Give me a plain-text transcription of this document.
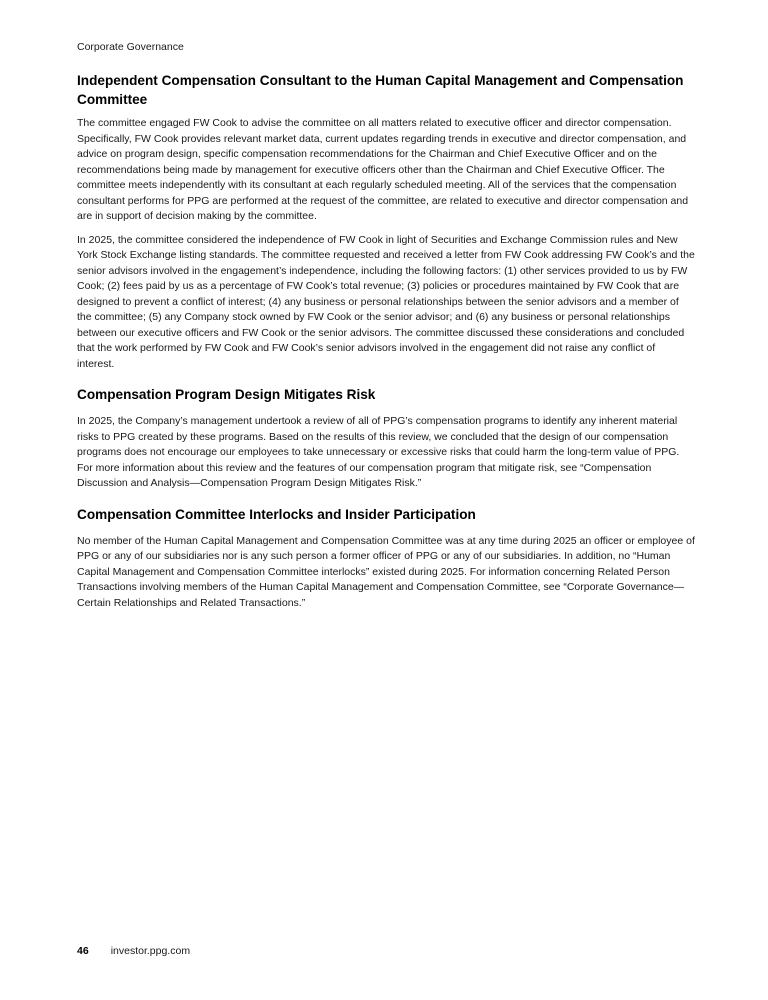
Corporate Governance
Independent Compensation Consultant to the Human Capital Management and Compensation Committee

The committee engaged FW Cook to advise the committee on all matters related to executive officer and director compensation. Specifically, FW Cook provides relevant market data, current updates regarding trends in executive and director compensation, and advice on program design, specific compensation recommendations for the Chairman and Chief Executive Officer and on the recommendations being made by management for executive officers other than the Chairman and Chief Executive Officer. The committee meets independently with its consultant at each regularly scheduled meeting. All of the services that the compensation consultant performs for PPG are performed at the request of the committee, are related to executive and director compensation and are in support of decision making by the committee.

In 2025, the committee considered the independence of FW Cook in light of Securities and Exchange Commission rules and New York Stock Exchange listing standards. The committee requested and received a letter from FW Cook addressing FW Cook’s and the senior advisors involved in the engagement’s independence, including the following factors: (1) other services provided to us by FW Cook; (2) fees paid by us as a percentage of FW Cook’s total revenue; (3) policies or procedures maintained by FW Cook that are designed to prevent a conflict of interest; (4) any business or personal relationships between the senior advisors and a member of the committee; (5) any Company stock owned by FW Cook or the senior advisor; and (6) any business or personal relationships between our executive officers and FW Cook or the senior advisors. The committee discussed these considerations and concluded that the work performed by FW Cook and FW Cook’s senior advisors involved in the engagement did not raise any conflict of interest.

Compensation Program Design Mitigates Risk

In 2025, the Company’s management undertook a review of all of PPG’s compensation programs to identify any inherent material risks to PPG created by these programs. Based on the results of this review, we concluded that the design of our compensation programs does not encourage our employees to take unnecessary or excessive risks that could harm the long-term value of PPG. For more information about this review and the features of our compensation program that mitigate risk, see “Compensation Discussion and Analysis—Compensation Program Design Mitigates Risk.”

Compensation Committee Interlocks and Insider Participation

No member of the Human Capital Management and Compensation Committee was at any time during 2025 an officer or employee of PPG or any of our subsidiaries nor is any such person a former officer of PPG or any of our subsidiaries. In addition, no “Human Capital Management and Compensation Committee interlocks” existed during 2025. For information concerning Related Person Transactions involving members of the Human Capital Management and Compensation Committee, see “Corporate Governance—Certain Relationships and Related Transactions.”

46 investor.ppg.com
